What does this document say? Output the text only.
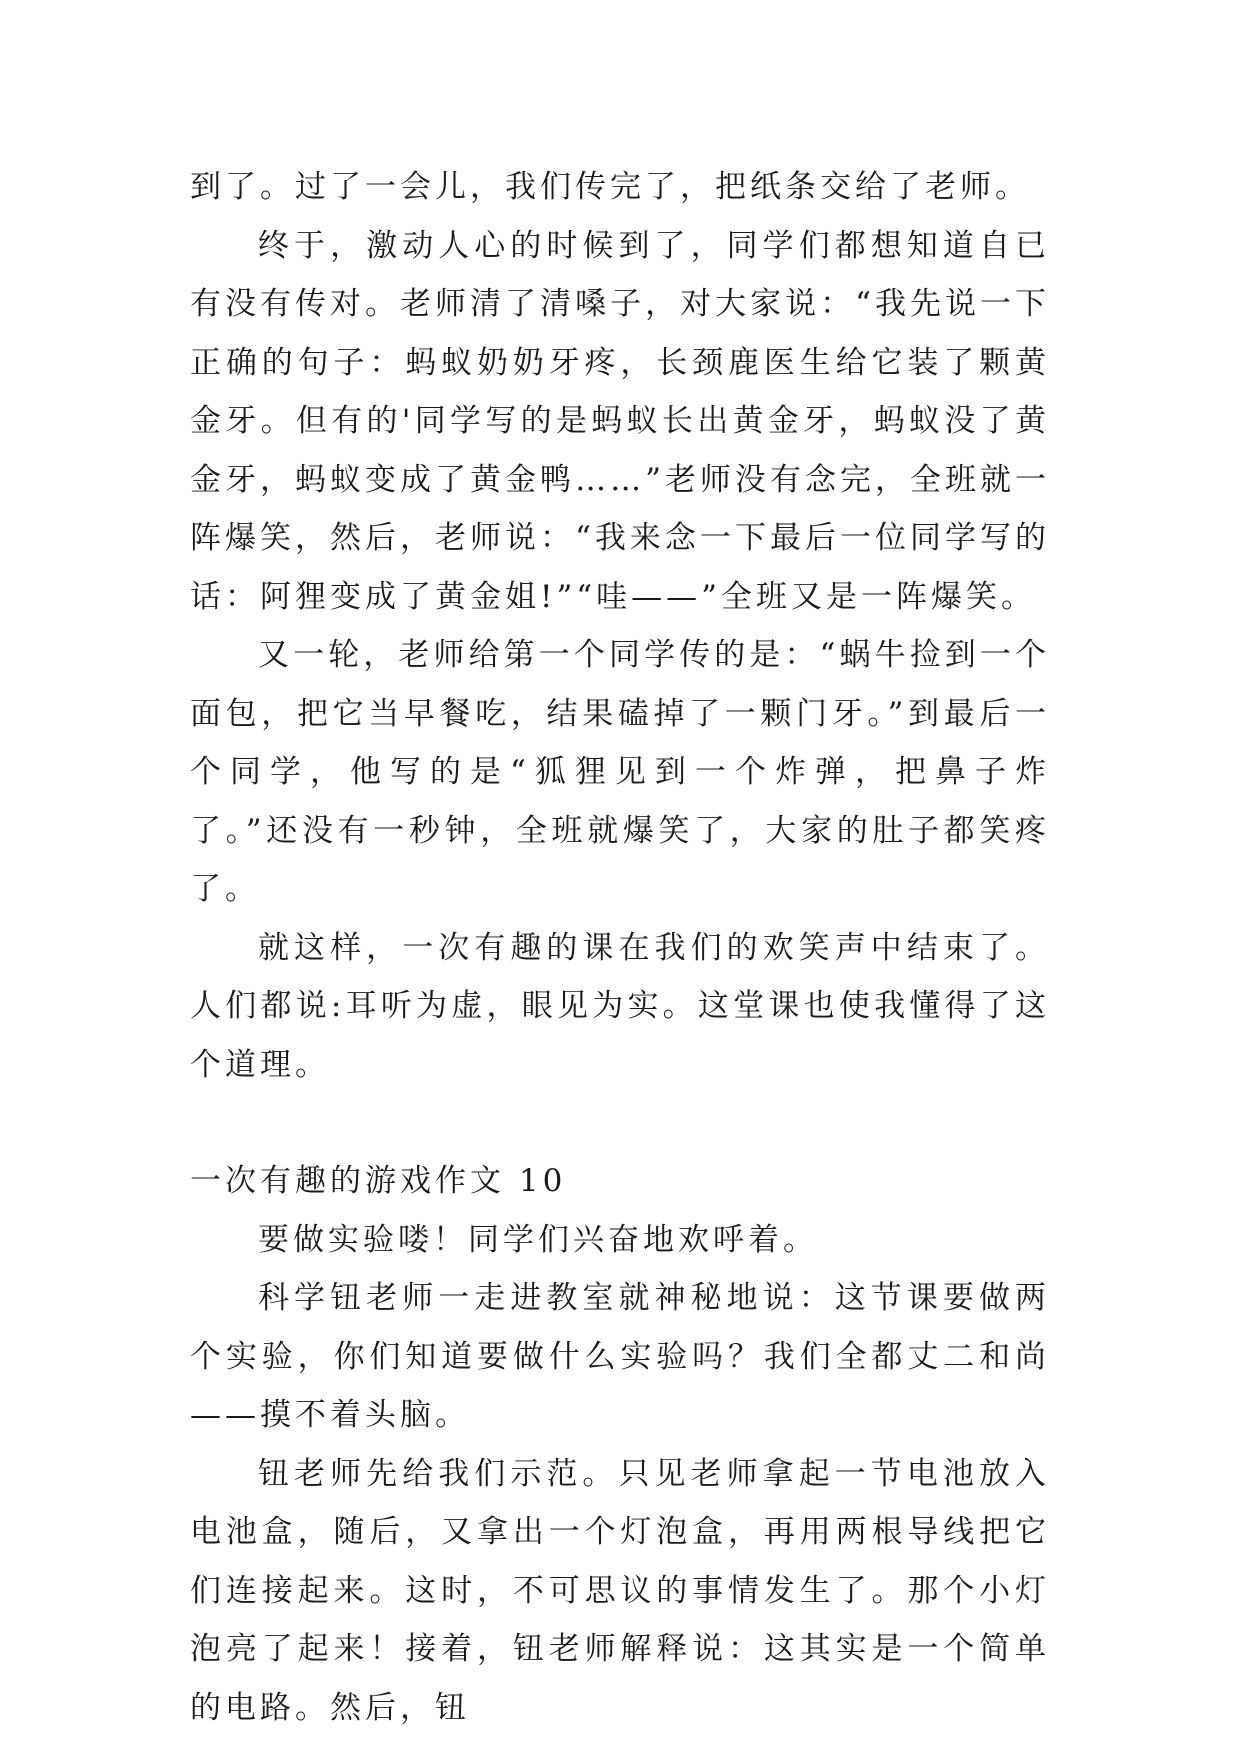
到了。过了一会儿，我们传完了，把纸条交给了老师。

终于，激动人心的时候到了，同学们都想知道自已有没有传对。老师清了清嗓子，对大家说：“我先说一下正确的句子：蚂蚁奶奶牙疼，长颈鹿医生给它装了颗黄金牙。但有的'同学写的是蚂蚁长出黄金牙，蚂蚁没了黄金牙，蚂蚁变成了黄金鸭……”老师没有念完，全班就一阵爆笑，然后，老师说：“我来念一下最后一位同学写的话：阿狸变成了黄金姐!”“哇——”全班又是一阵爆笑。

又一轮，老师给第一个同学传的是：“蜗牛捡到一个面包，把它当早餐吃，结果磕掉了一颗门牙。”到最后一个同学，他写的是“狐狸见到一个炸弹，把鼻子炸了。”还没有一秒钟，全班就爆笑了，大家的肚子都笑疼了。

就这样，一次有趣的课在我们的欢笑声中结束了。人们都说:耳听为虚，眼见为实。这堂课也使我懂得了这个道理。

一次有趣的游戏作文 10

要做实验喽！同学们兴奋地欢呼着。

科学钮老师一走进教室就神秘地说：这节课要做两个实验，你们知道要做什么实验吗？我们全都丈二和尚——摸不着头脑。

钮老师先给我们示范。只见老师拿起一节电池放入电池盒，随后，又拿出一个灯泡盒，再用两根导线把它们连接起来。这时，不可思议的事情发生了。那个小灯泡亮了起来！接着，钮老师解释说：这其实是一个简单的电路。然后，钮
